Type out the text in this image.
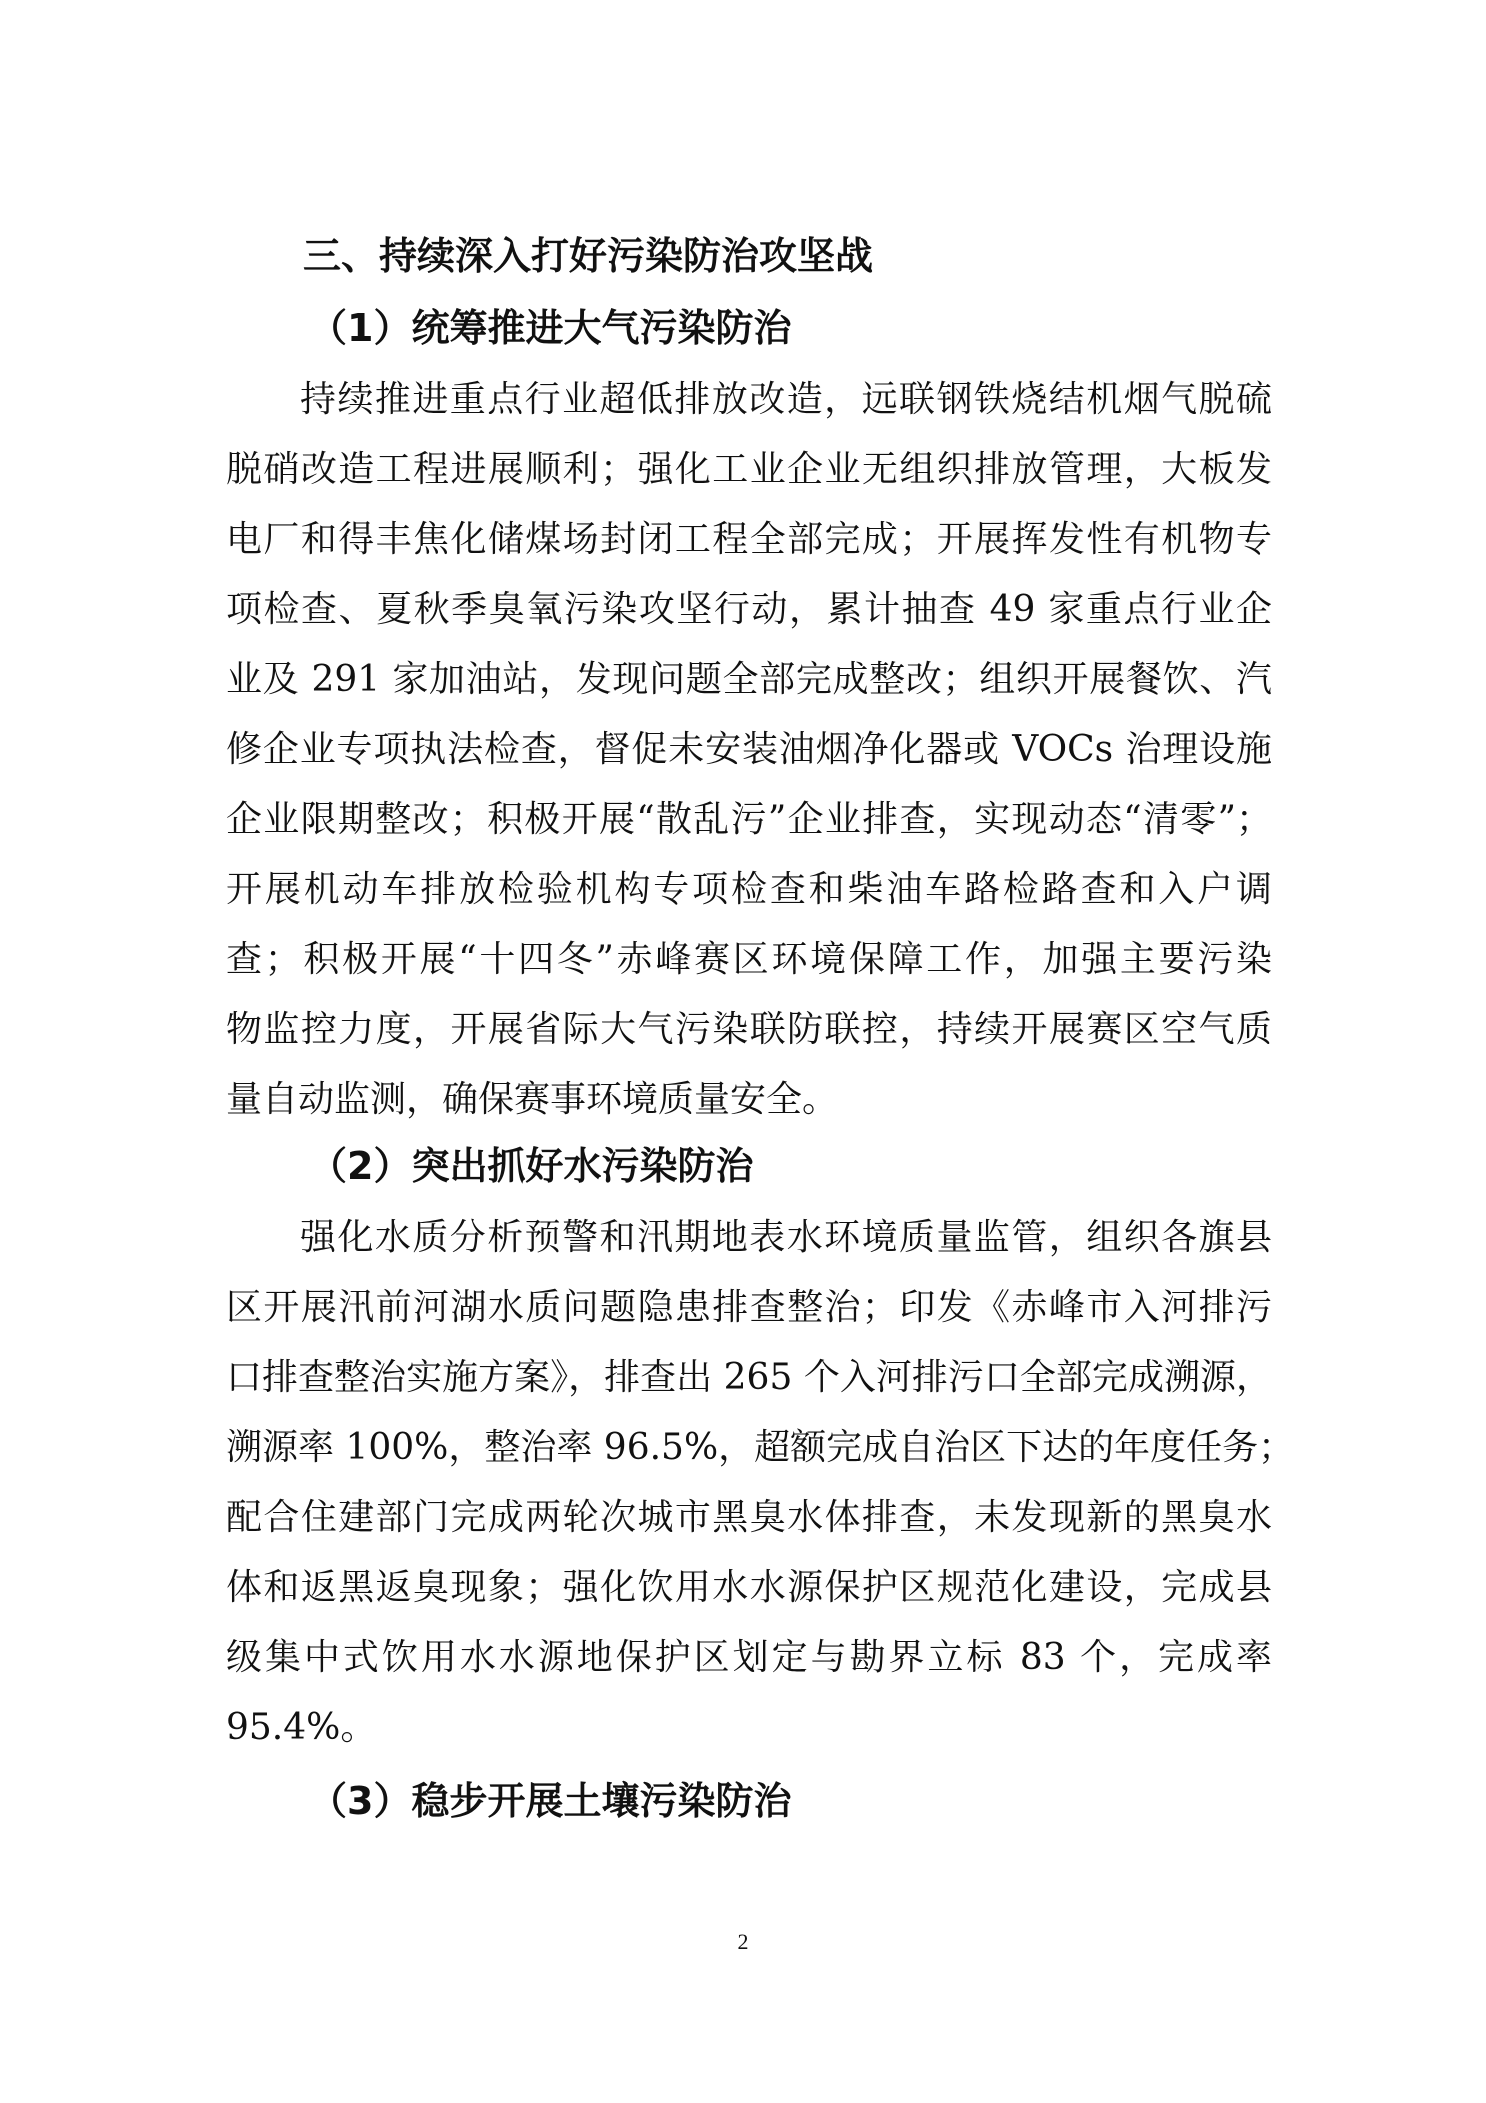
三、持续深入打好污染防治攻坚战
（1）统筹推进大气污染防治
持续推进重点行业超低排放改造，远联钢铁烧结机烟气脱硫
脱硝改造工程进展顺利；强化工业企业无组织排放管理，大板发
电厂和得丰焦化储煤场封闭工程全部完成；开展挥发性有机物专
项检查、夏秋季臭氧污染攻坚行动，累计抽查 49 家重点行业企
业及 291 家加油站，发现问题全部完成整改；组织开展餐饮、汽
修企业专项执法检查，督促未安装油烟净化器或 VOCs 治理设施
企业限期整改；积极开展“散乱污”企业排查，实现动态“清零”；
开展机动车排放检验机构专项检查和柴油车路检路查和入户调
查；积极开展“十四冬”赤峰赛区环境保障工作，加强主要污染
物监控力度，开展省际大气污染联防联控，持续开展赛区空气质
量自动监测，确保赛事环境质量安全。
（2）突出抓好水污染防治
强化水质分析预警和汛期地表水环境质量监管，组织各旗县
区开展汛前河湖水质问题隐患排查整治；印发《赤峰市入河排污
口排查整治实施方案》，排查出 265 个入河排污口全部完成溯源，
溯源率 100%，整治率 96.5%，超额完成自治区下达的年度任务；
配合住建部门完成两轮次城市黑臭水体排查，未发现新的黑臭水
体和返黑返臭现象；强化饮用水水源保护区规范化建设，完成县
级集中式饮用水水源地保护区划定与勘界立标 83 个，完成率
95.4%。
（3）稳步开展土壤污染防治
2
